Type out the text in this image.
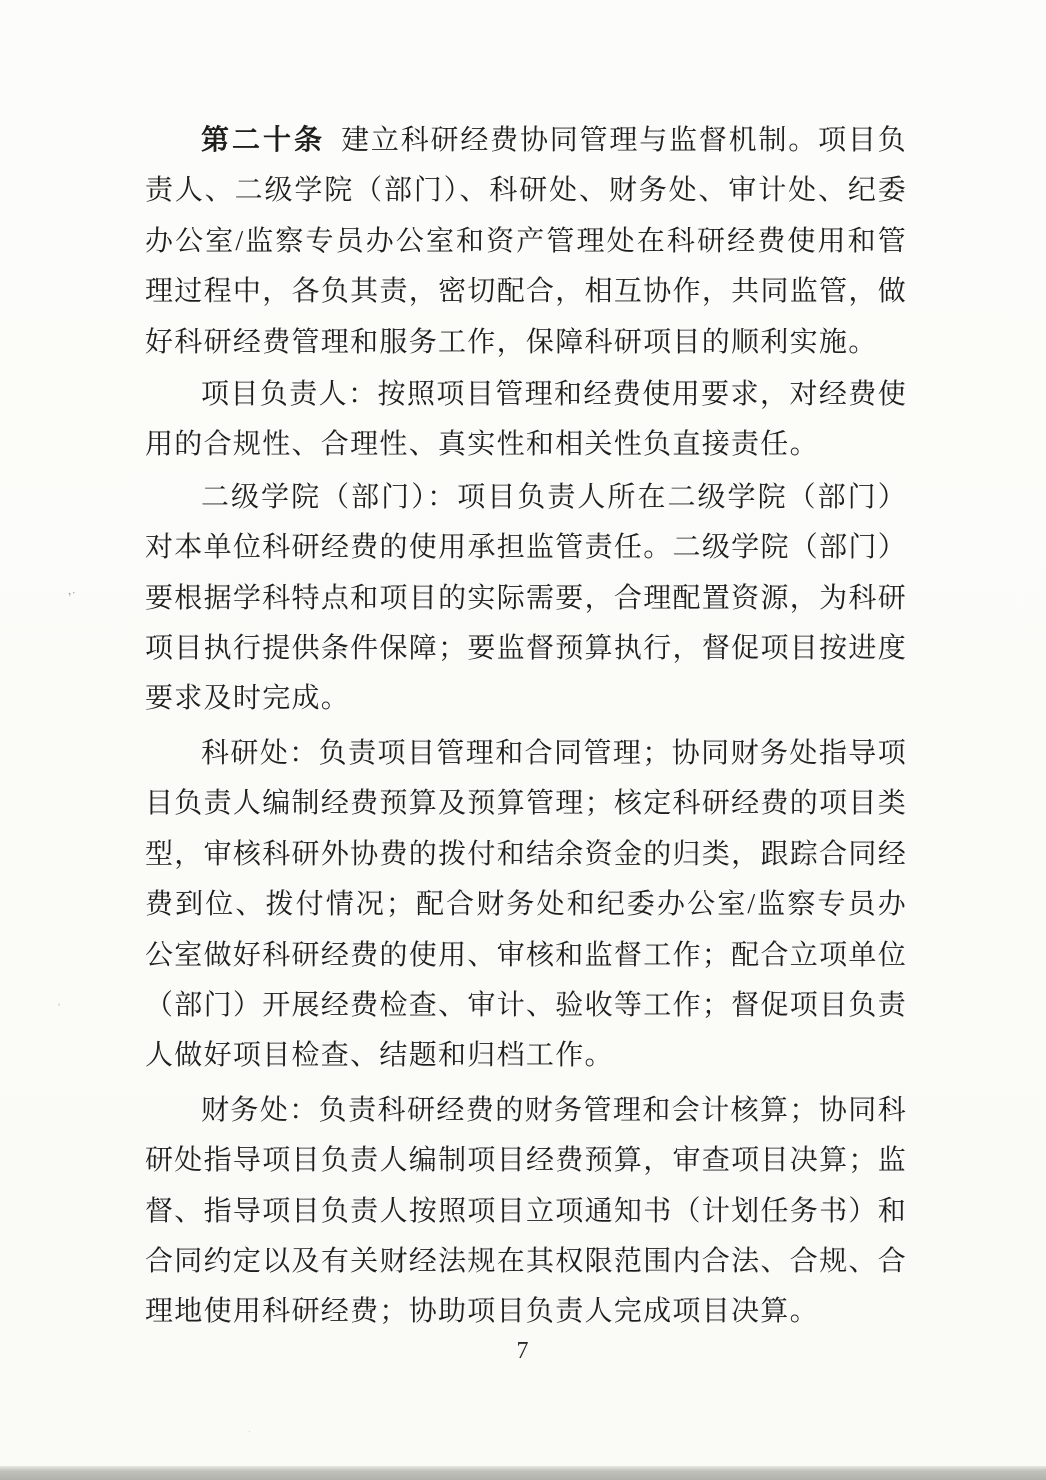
第二十条 建立科研经费协同管理与监督机制。项目负责人、二级学院（部门）、科研处、财务处、审计处、纪委办公室/监察专员办公室和资产管理处在科研经费使用和管理过程中，各负其责，密切配合，相互协作，共同监管，做好科研经费管理和服务工作，保障科研项目的顺利实施。

项目负责人：按照项目管理和经费使用要求，对经费使用的合规性、合理性、真实性和相关性负直接责任。

二级学院（部门）：项目负责人所在二级学院（部门）对本单位科研经费的使用承担监管责任。二级学院（部门）要根据学科特点和项目的实际需要，合理配置资源，为科研项目执行提供条件保障；要监督预算执行，督促项目按进度要求及时完成。

科研处：负责项目管理和合同管理；协同财务处指导项目负责人编制经费预算及预算管理；核定科研经费的项目类型，审核科研外协费的拨付和结余资金的归类，跟踪合同经费到位、拨付情况；配合财务处和纪委办公室/监察专员办公室做好科研经费的使用、审核和监督工作；配合立项单位（部门）开展经费检查、审计、验收等工作；督促项目负责人做好项目检查、结题和归档工作。

财务处：负责科研经费的财务管理和会计核算；协同科研处指导项目负责人编制项目经费预算，审查项目决算；监督、指导项目负责人按照项目立项通知书（计划任务书）和合同约定以及有关财经法规在其权限范围内合法、合规、合理地使用科研经费；协助项目负责人完成项目决算。

7
’˙
‘
·
